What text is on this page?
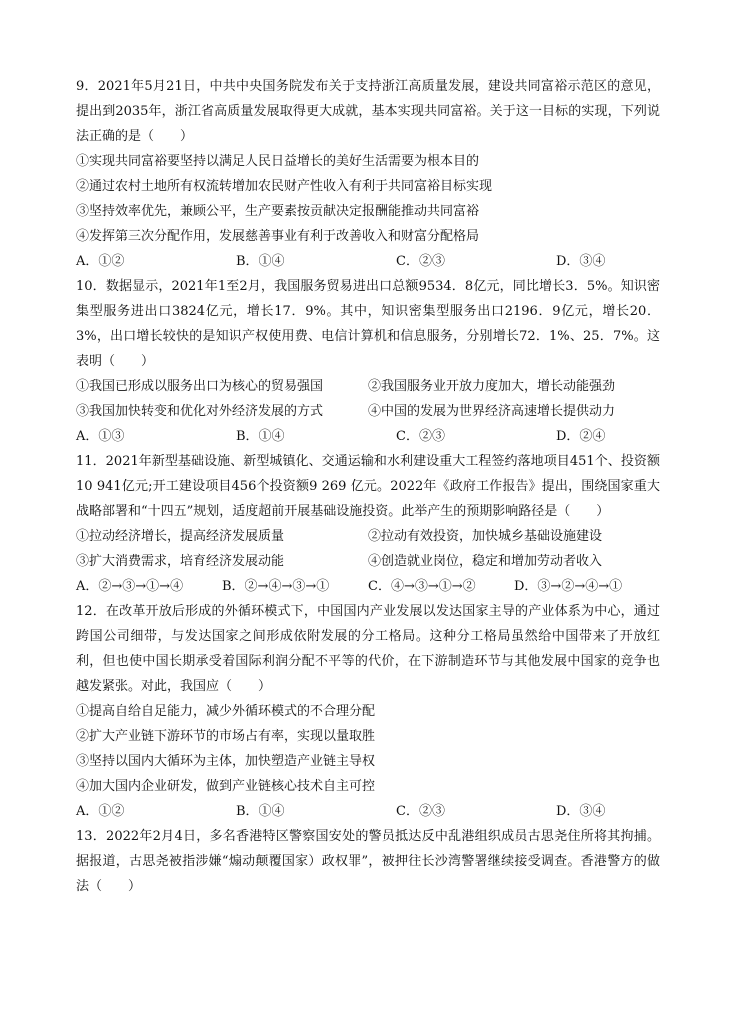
9．2021年5月21日，中共中央国务院发布关于支持浙江高质量发展，建设共同富裕示范区的意见，提出到2035年，浙江省高质量发展取得更大成就，基本实现共同富裕。关于这一目标的实现，下列说法正确的是（　　）

①实现共同富裕要坚持以满足人民日益增长的美好生活需要为根本目的

②通过农村土地所有权流转增加农民财产性收入有利于共同富裕目标实现

③坚持效率优先，兼顾公平，生产要素按贡献决定报酬能推动共同富裕

④发挥第三次分配作用，发展慈善事业有利于改善收入和财富分配格局

A．①②	B．①④	C．②③	D．③④

10．数据显示，2021年1至2月，我国服务贸易进出口总额9534．8亿元，同比增长3．5%。知识密集型服务进出口3824亿元，增长17．9%。其中，知识密集型服务出口2196．9亿元，增长20．3%，出口增长较快的是知识产权使用费、电信计算机和信息服务，分别增长72．1%、25．7%。这表明（　　）

①我国已形成以服务出口为核心的贸易强国	②我国服务业开放力度加大，增长动能强劲
③我国加快转变和优化对外经济发展的方式	④中国的发展为世界经济高速增长提供动力
A．①③	B．①④	C．②③	D．②④

11．2021年新型基础设施、新型城镇化、交通运输和水利建设重大工程签约落地项目451个、投资额10 941亿元;开工建设项目456个投资额9 269 亿元。2022年《政府工作报告》提出，围绕国家重大战略部署和“十四五”规划，适度超前开展基础设施投资。此举产生的预期影响路径是（　　）

①拉动经济增长，提高经济发展质量	②拉动有效投资，加快城乡基础设施建设
③扩大消费需求，培育经济发展动能	④创造就业岗位，稳定和增加劳动者收入
A．②→③→①→④	B．②→④→③→①	C．④→③→①→②	D．③→②→④→①

12．在改革开放后形成的外循环模式下，中国国内产业发展以发达国家主导的产业体系为中心，通过跨国公司细带，与发达国家之间形成依附发展的分工格局。这种分工格局虽然给中国带来了开放红利，但也使中国长期承受着国际利润分配不平等的代价，在下游制造环节与其他发展中国家的竞争也越发紧张。对此，我国应（　　）

①提高自给自足能力，减少外循环模式的不合理分配

②扩大产业链下游环节的市场占有率，实现以量取胜

③坚持以国内大循环为主体，加快塑造产业链主导权

④加大国内企业研发，做到产业链核心技术自主可控

A．①②	B．①④	C．②③	D．③④

13．2022年2月4日，多名香港特区警察国安处的警员抵达反中乱港组织成员古思尧住所将其拘捕。据报道，古思尧被指涉嫌“煽动颠覆国家）政权罪”，被押往长沙湾警署继续接受调查。香港警方的做法（　　）
